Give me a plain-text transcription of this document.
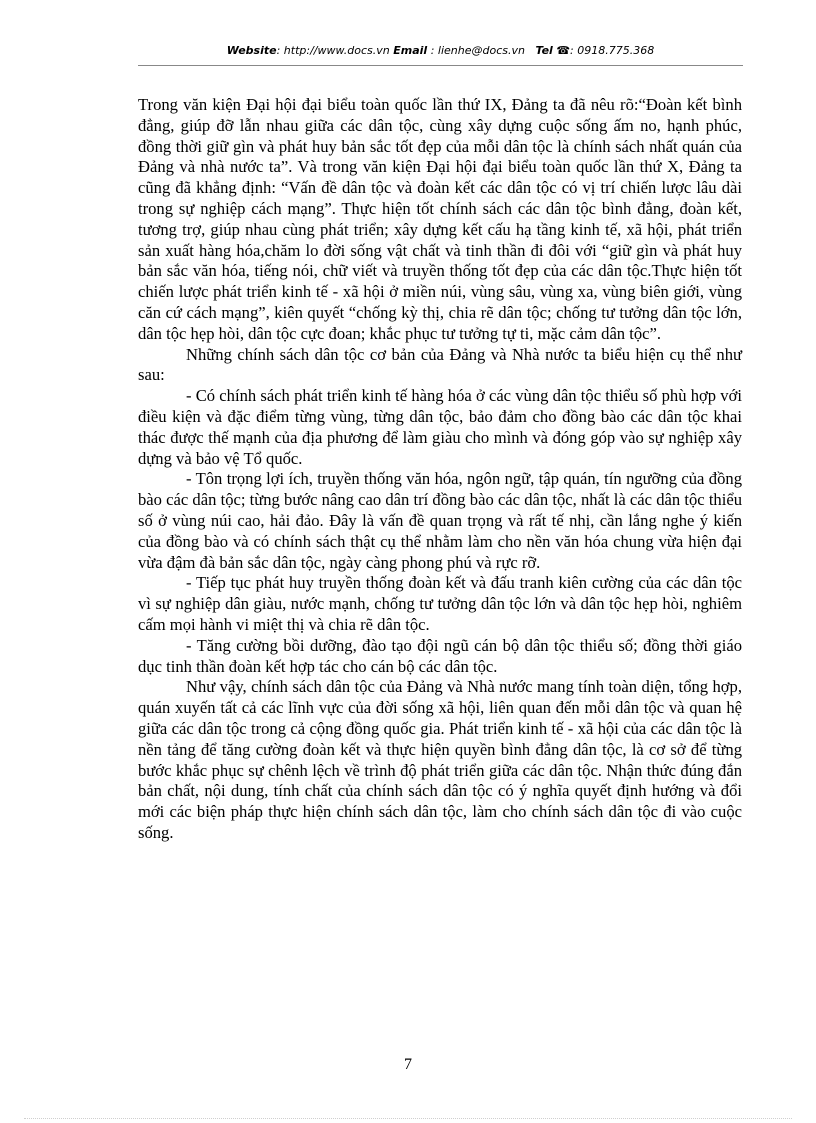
Website: http://www.docs.vn Email : lienhe@docs.vn Tel ☎: 0918.775.368

Trong văn kiện Đại hội đại biểu toàn quốc lần thứ IX, Đảng ta đã nêu rõ:“Đoàn kết bình đẳng, giúp đỡ lẫn nhau giữa các dân tộc, cùng xây dựng cuộc sống ấm no, hạnh phúc, đồng thời giữ gìn và phát huy bản sắc tốt đẹp của mỗi dân tộc là chính sách nhất quán của Đảng và nhà nước ta”. Và trong văn kiện Đại hội đại biểu toàn quốc lần thứ X, Đảng ta cũng đã khẳng định: “Vấn đề dân tộc và đoàn kết các dân tộc có vị trí chiến lược lâu dài trong sự nghiệp cách mạng”. Thực hiện tốt chính sách các dân tộc bình đẳng, đoàn kết, tương trợ, giúp nhau cùng phát triển; xây dựng kết cấu hạ tầng kinh tế, xã hội, phát triển sản xuất hàng hóa,chăm lo đời sống vật chất và tinh thần đi đôi với “giữ gìn và phát huy bản sắc văn hóa, tiếng nói, chữ viết và truyền thống tốt đẹp của các dân tộc.Thực hiện tốt chiến lược phát triển kinh tế - xã hội ở miền núi, vùng sâu, vùng xa, vùng biên giới, vùng căn cứ cách mạng”, kiên quyết “chống kỳ thị, chia rẽ dân tộc; chống tư tưởng dân tộc lớn, dân tộc hẹp hòi, dân tộc cực đoan; khắc phục tư tưởng tự ti, mặc cảm dân tộc”.

Những chính sách dân tộc cơ bản của Đảng và Nhà nước ta biểu hiện cụ thể như sau:

- Có chính sách phát triển kinh tế hàng hóa ở các vùng dân tộc thiểu số phù hợp với điều kiện và đặc điểm từng vùng, từng dân tộc, bảo đảm cho đồng bào các dân tộc khai thác được thế mạnh của địa phương để làm giàu cho mình và đóng góp vào sự nghiệp xây dựng và bảo vệ Tổ quốc.

- Tôn trọng lợi ích, truyền thống văn hóa, ngôn ngữ, tập quán, tín ngưỡng của đồng bào các dân tộc; từng bước nâng cao dân trí đồng bào các dân tộc, nhất là các dân tộc thiểu số ở vùng núi cao, hải đảo. Đây là vấn đề quan trọng và rất tế nhị, cần lắng nghe ý kiến của đồng bào và có chính sách thật cụ thể nhằm làm cho nền văn hóa chung vừa hiện đại vừa đậm đà bản sắc dân tộc, ngày càng phong phú và rực rỡ.

- Tiếp tục phát huy truyền thống đoàn kết và đấu tranh kiên cường của các dân tộc vì sự nghiệp dân giàu, nước mạnh, chống tư tưởng dân tộc lớn và dân tộc hẹp hòi, nghiêm cấm mọi hành vi miệt thị và chia rẽ dân tộc.

- Tăng cường bồi dưỡng, đào tạo đội ngũ cán bộ dân tộc thiểu số; đồng thời giáo dục tinh thần đoàn kết hợp tác cho cán bộ các dân tộc.

Như vậy, chính sách dân tộc của Đảng và Nhà nước mang tính toàn diện, tổng hợp, quán xuyến tất cả các lĩnh vực của đời sống xã hội, liên quan đến mỗi dân tộc và quan hệ giữa các dân tộc trong cả cộng đồng quốc gia. Phát triển kinh tế - xã hội của các dân tộc là nền tảng để tăng cường đoàn kết và thực hiện quyền bình đẳng dân tộc, là cơ sở để từng bước khắc phục sự chênh lệch về trình độ phát triển giữa các dân tộc. Nhận thức đúng đắn bản chất, nội dung, tính chất của chính sách dân tộc có ý nghĩa quyết định hướng và đổi mới các biện pháp thực hiện chính sách dân tộc, làm cho chính sách dân tộc đi vào cuộc sống.

7
